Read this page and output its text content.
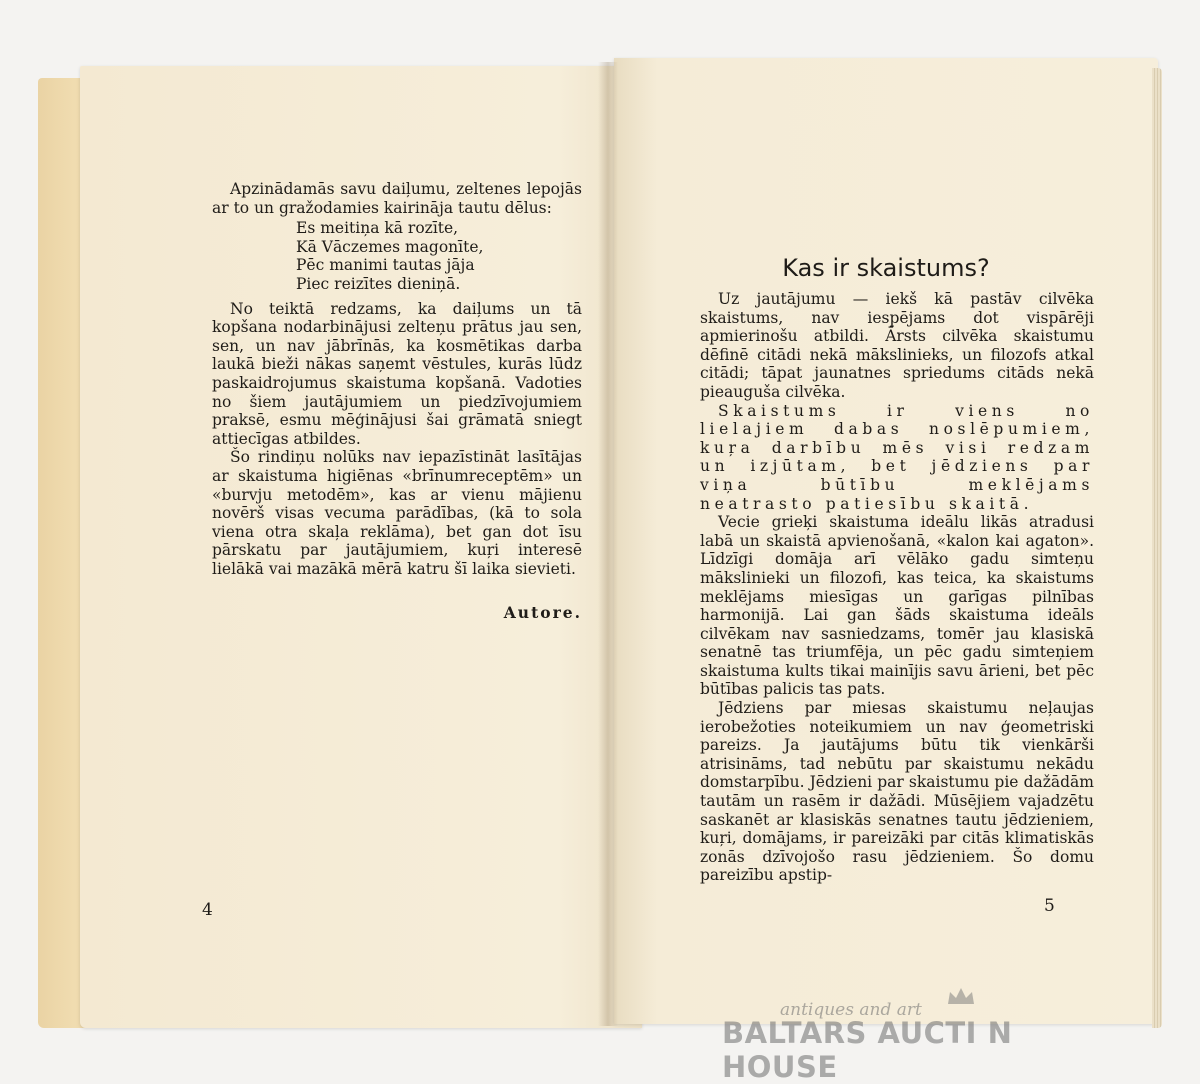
Apzinādamās savu daiļumu, zeltenes lepojās ar to un gražodamies kairināja tautu dēlus:

Es meitiņa kā rozīte,
Kā Vāczemes magonīte,
Pēc manimi tautas jāja
Piec reizītes dieniņā.

No teiktā redzams, ka daiļums un tā kopšana nodarbinājusi zelteņu prātus jau sen, sen, un nav jābrīnās, ka kosmētikas darba laukā bieži nākas saņemt vēstules, kurās lūdz paskaidrojumus skaistuma kopšanā. Vadoties no šiem jautājumiem un piedzīvojumiem praksē, esmu mēģinājusi šai grāmatā sniegt attiecīgas atbildes.

Šo rindiņu nolūks nav iepazīstināt lasītājas ar skaistuma higiēnas «brīnumreceptēm» un «burvju metodēm», kas ar vienu mājienu novērš visas vecuma parādības, (kā to sola viena otra skaļa reklāma), bet gan dot īsu pārskatu par jautājumiem, kuŗi interesē lielākā vai mazākā mērā katru šī laika sievieti.

Autore.
4
Kas ir skaistums?

Uz jautājumu — iekš kā pastāv cilvēka skaistums, nav iespējams dot vispārēji apmierinošu atbildi. Ārsts cilvēka skaistumu dēfinē citādi nekā mākslinieks, un filozofs atkal citādi; tāpat jaunatnes spriedums citāds nekā pieauguša cilvēka.

Skaistums ir viens no lielajiem dabas noslēpumiem, kuŗa darbību mēs visi redzam un izjūtam, bet jēdziens par viņa būtību meklējams neatrasto patiesību skaitā.

Vecie grieķi skaistuma ideālu likās atradusi labā un skaistā apvienošanā, «kalon kai agaton». Līdzīgi domāja arī vēlāko gadu simteņu mākslinieki un filozofi, kas teica, ka skaistums meklējams miesīgas un garīgas pilnības harmonijā. Lai gan šāds skaistuma ideāls cilvēkam nav sasniedzams, tomēr jau klasiskā senatnē tas triumfēja, un pēc gadu simteņiem skaistuma kults tikai mainījis savu ārieni, bet pēc būtības palicis tas pats.

Jēdziens par miesas skaistumu neļaujas ierobežoties noteikumiem un nav ģeometriski pareizs. Ja jautājums būtu tik vienkārši atrisināms, tad nebūtu par skaistumu nekādu domstarpību. Jēdzieni par skaistumu pie dažādām tautām un rasēm ir dažādi. Mūsējiem vajadzētu saskanēt ar klasiskās senatnes tautu jēdzieniem, kuŗi, domājams, ir pareizāki par citās klimatiskās zonās dzīvojošo rasu jēdzieniem. Šo domu pareizību apstip-

5
antiques and art
BALTARS AUCTI N HOUSE
